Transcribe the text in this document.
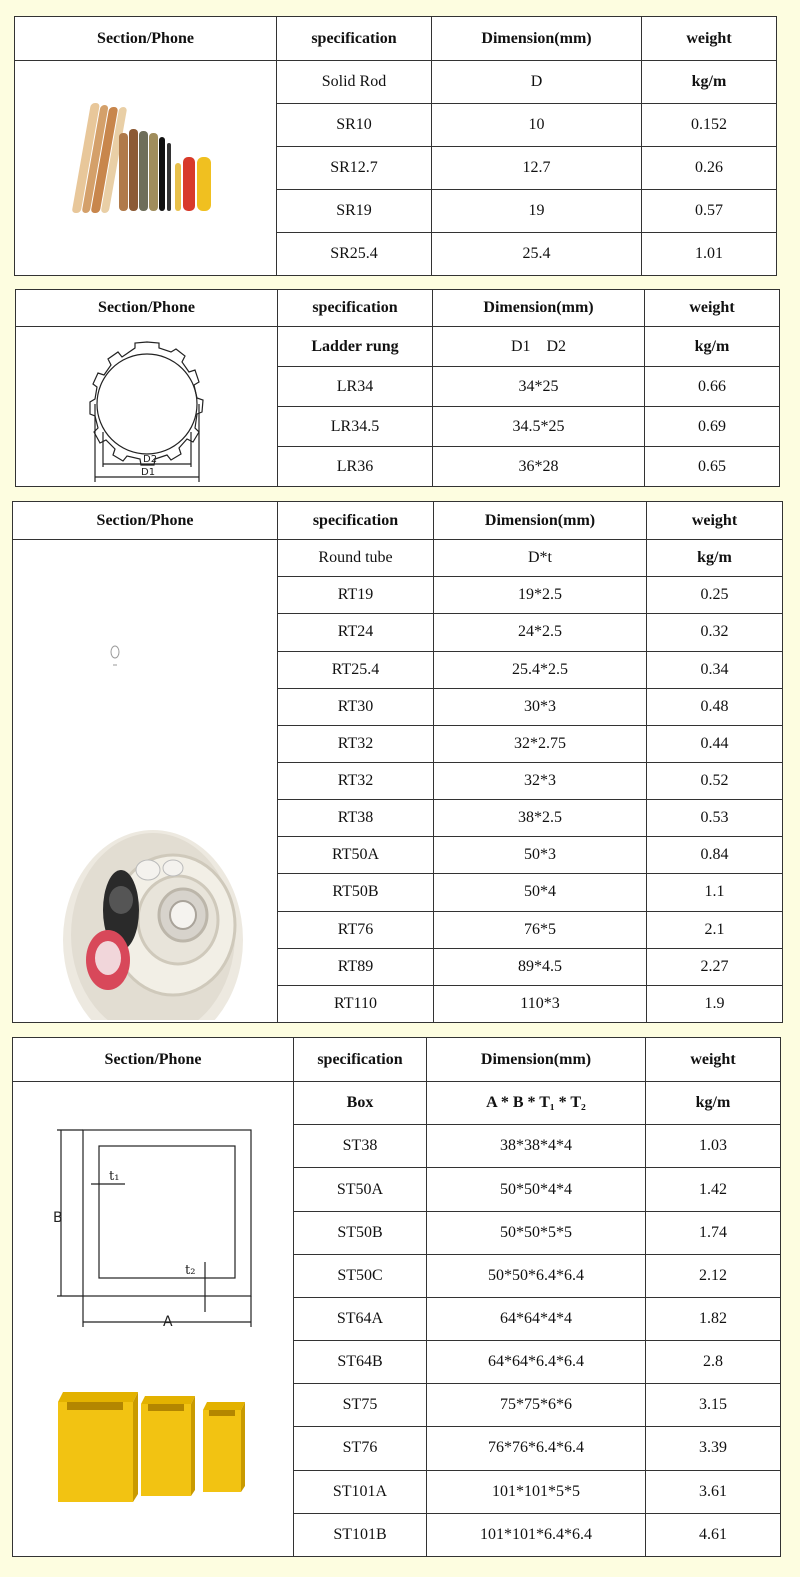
Section/Phone	specification	Dimension(mm)	weight

	Solid Rod	D	kg/m
	SR10	10	0.152
	SR12.7	12.7	0.26
	SR19	19	0.57
	SR25.4	25.4	1.01
Section/Phone	specification	Dimension(mm)	weight

D2
D1	Ladder rung	D1    D2	kg/m
	LR34	34*25	0.66
	LR34.5	34.5*25	0.69
	LR36	36*28	0.65
Section/Phone	specification	Dimension(mm)	weight

	Round tube	D*t	kg/m
	RT19	19*2.5	0.25
	RT24	24*2.5	0.32
	RT25.4	25.4*2.5	0.34
	RT30	30*3	0.48
	RT32	32*2.75	0.44
	RT32	32*3	0.52
	RT38	38*2.5	0.53
	RT50A	50*3	0.84
	RT50B	50*4	1.1
	RT76	76*5	2.1
	RT89	89*4.5	2.27
	RT110	110*3	1.9
Section/Phone	specification	Dimension(mm)	weight

B
A
t₁
t₂	Box	A * B * T₁ * T₂	kg/m
	ST38	38*38*4*4	1.03
	ST50A	50*50*4*4	1.42
	ST50B	50*50*5*5	1.74
	ST50C	50*50*6.4*6.4	2.12
	ST64A	64*64*4*4	1.82
	ST64B	64*64*6.4*6.4	2.8
	ST75	75*75*6*6	3.15
	ST76	76*76*6.4*6.4	3.39
	ST101A	101*101*5*5	3.61
	ST101B	101*101*6.4*6.4	4.61
